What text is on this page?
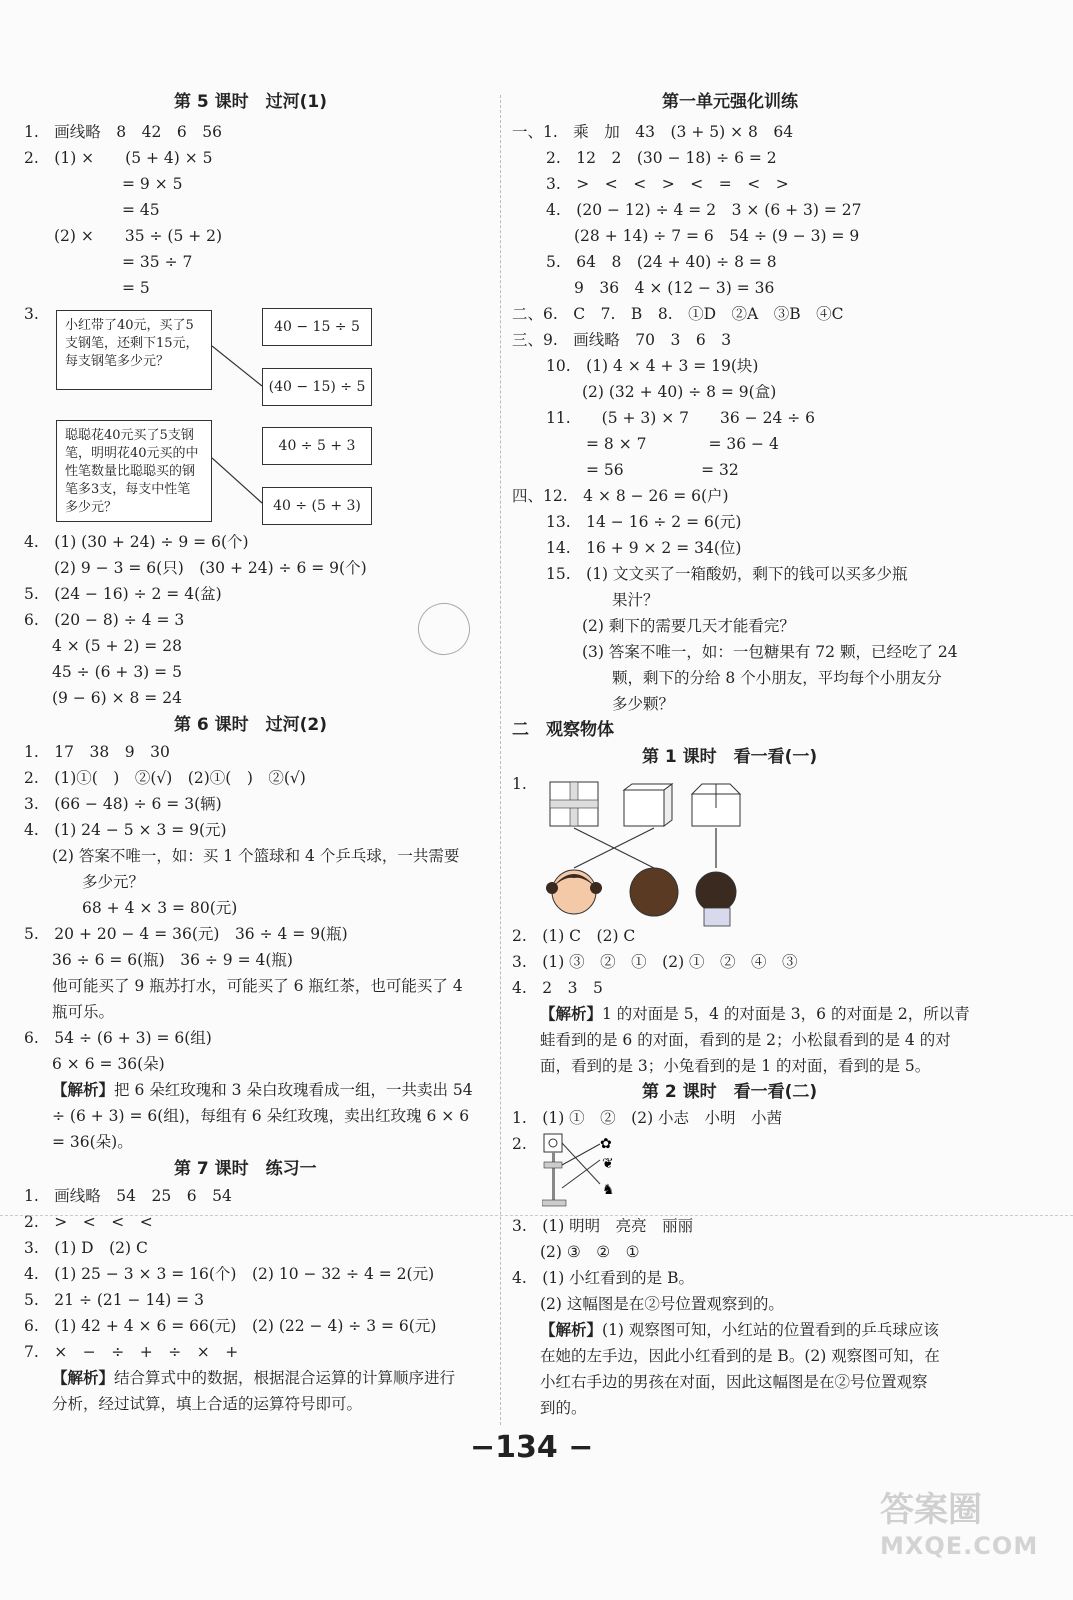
第 5 课时　过河(1)
1.　画线略　8　42　6　56
2.　(1) ×　　(5 + 4) × 5
= 9 × 5
= 45
(2) ×　　35 ÷ (5 + 2)
= 35 ÷ 7
= 5
3.
小红带了40元，买了5支钢笔，还剩下15元，每支钢笔多少元？
聪聪花40元买了5支钢笔，明明花40元买的中性笔数量比聪聪买的钢笔多3支，每支中性笔多少元？
40 − 15 ÷ 5
(40 − 15) ÷ 5
40 ÷ 5 + 3
40 ÷ (5 + 3)
4.　(1) (30 + 24) ÷ 9 = 6(个)
(2) 9 − 3 = 6(只)　(30 + 24) ÷ 6 = 9(个)
5.　(24 − 16) ÷ 2 = 4(盆)
6.　(20 − 8) ÷ 4 = 3
4 × (5 + 2) = 28
45 ÷ (6 + 3) = 5
(9 − 6) × 8 = 24
第 6 课时　过河(2)
1.　17　38　9　30
2.　(1)①(　)　②(√)　(2)①(　)　②(√)
3.　(66 − 48) ÷ 6 = 3(辆)
4.　(1) 24 − 5 × 3 = 9(元)
(2) 答案不唯一，如：买 1 个篮球和 4 个乒乓球，一共需要
多少元？
68 + 4 × 3 = 80(元)
5.　20 + 20 − 4 = 36(元)　36 ÷ 4 = 9(瓶)
36 ÷ 6 = 6(瓶)　36 ÷ 9 = 4(瓶)
他可能买了 9 瓶苏打水，可能买了 6 瓶红茶，也可能买了 4
瓶可乐。
6.　54 ÷ (6 + 3) = 6(组)
6 × 6 = 36(朵)
【解析】把 6 朵红玫瑰和 3 朵白玫瑰看成一组，一共卖出 54
÷ (6 + 3) = 6(组)，每组有 6 朵红玫瑰，卖出红玫瑰 6 × 6
= 36(朵)。
第 7 课时　练习一
1.　画线略　54　25　6　54
2.　>　<　<　<
3.　(1) D　(2) C
4.　(1) 25 − 3 × 3 = 16(个)　(2) 10 − 32 ÷ 4 = 2(元)
5.　21 ÷ (21 − 14) = 3
6.　(1) 42 + 4 × 6 = 66(元)　(2) (22 − 4) ÷ 3 = 6(元)
7.　×　−　÷　+　÷　×　+
【解析】结合算式中的数据，根据混合运算的计算顺序进行
分析，经过试算，填上合适的运算符号即可。
第一单元强化训练
一、1.　乘　加　43　(3 + 5) × 8　64
2.　12　2　(30 − 18) ÷ 6 = 2
3.　>　<　<　>　<　=　<　>
4.　(20 − 12) ÷ 4 = 2　3 × (6 + 3) = 27
(28 + 14) ÷ 7 = 6　54 ÷ (9 − 3) = 9
5.　64　8　(24 + 40) ÷ 8 = 8
9　36　4 × (12 − 3) = 36
二、6.　C　7.　B　8.　①D　②A　③B　④C
三、9.　画线略　70　3　6　3
10.　(1) 4 × 4 + 3 = 19(块)
(2) (32 + 40) ÷ 8 = 9(盒)
11.　　(5 + 3) × 7　　36 − 24 ÷ 6
= 8 × 7　　　　= 36 − 4
= 56　　　　　= 32
四、12.　4 × 8 − 26 = 6(户)
13.　14 − 16 ÷ 2 = 6(元)
14.　16 + 9 × 2 = 34(位)
15.　(1) 文文买了一箱酸奶，剩下的钱可以买多少瓶
果汁？
(2) 剩下的需要几天才能看完？
(3) 答案不唯一，如：一包糖果有 72 颗，已经吃了 24
颗，剩下的分给 8 个小朋友，平均每个小朋友分
多少颗？
二　观察物体
第 1 课时　看一看(一)
1.
2.　(1) C　(2) C
3.　(1) ③　②　①　(2) ①　②　④　③
4.　2　3　5
【解析】1 的对面是 5，4 的对面是 3，6 的对面是 2，所以青
蛙看到的是 6 的对面，看到的是 2；小松鼠看到的是 4 的对
面，看到的是 3；小兔看到的是 1 的对面，看到的是 5。
第 2 课时　看一看(二)
1.　(1) ①　②　(2) 小志　小明　小茜
2.	✿
❦
♞
3.　(1) 明明　亮亮　丽丽
(2) ③　②　①
4.　(1) 小红看到的是 B。
(2) 这幅图是在②号位置观察到的。
【解析】(1) 观察图可知，小红站的位置看到的乒乓球应该
在她的左手边，因此小红看到的是 B。(2) 观察图可知，在
小红右手边的男孩在对面，因此这幅图是在②号位置观察
到的。
−134 −
答案圈
MXQE.COM
